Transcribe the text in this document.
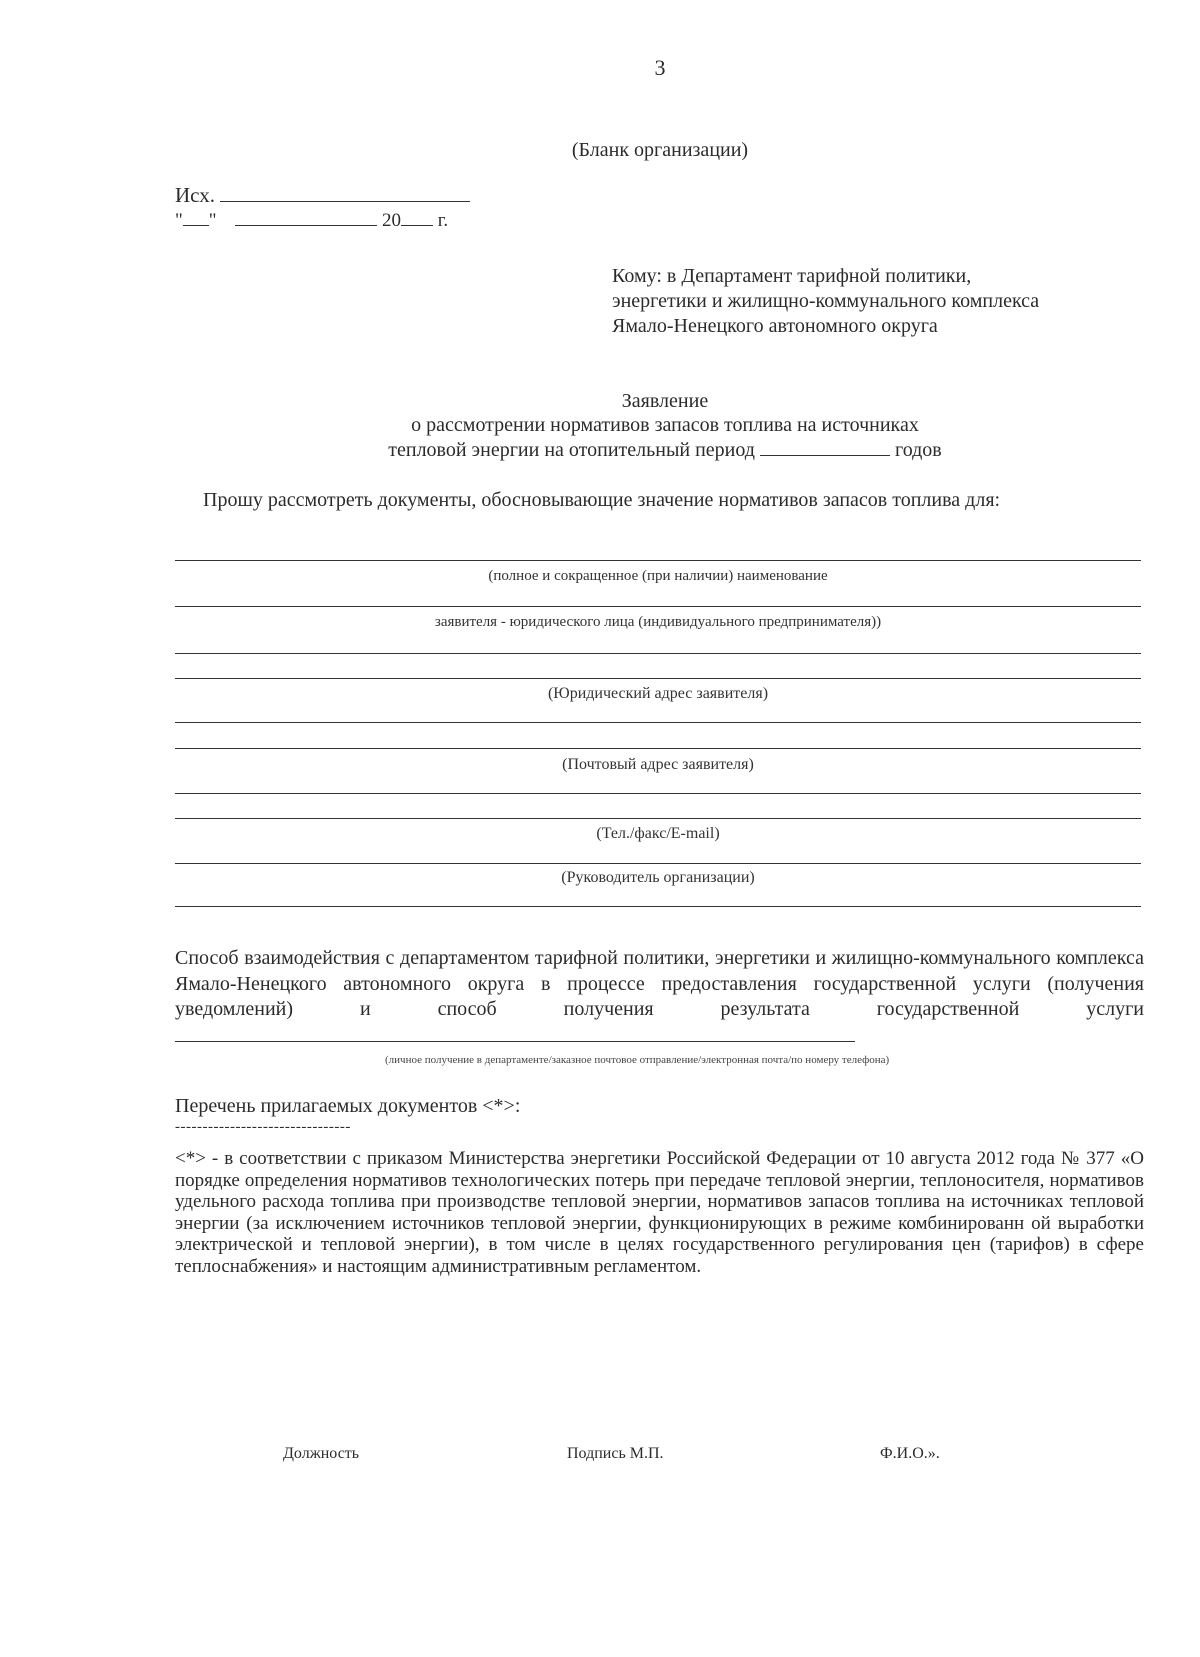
3
(Бланк организации)
Исх.
" "	20 г.
Кому: в Департамент тарифной политики,
энергетики и жилищно-коммунального комплекса
Ямало-Ненецкого автономного округа
Заявление
о рассмотрении нормативов запасов топлива на источниках
тепловой энергии на отопительный период	годов
Прошу рассмотреть документы, обосновывающие значение нормативов запасов топлива для:
(полное и сокращенное (при наличии) наименование
заявителя - юридического лица (индивидуального предпринимателя))
(Юридический адрес заявителя)
(Почтовый адрес заявителя)
(Тел./факс/E-mail)
(Руководитель организации)
Способ взаимодействия с департаментом тарифной политики, энергетики и жилищно-коммунального комплекса Ямало-Ненецкого автономного округа в процессе предоставления государственной услуги (получения уведомлений) и способ получения результата государственной услуги
(личное получение в департаменте/заказное почтовое отправление/электронная почта/по номеру телефона)
Перечень прилагаемых документов <*>:
--------------------------------
<*> - в соответствии с приказом Министерства энергетики Российской Федерации от 10 августа 2012 года № 377 «О порядке определения нормативов технологических потерь при передаче тепловой энергии, теплоносителя, нормативов удельного расхода топлива при производстве тепловой энергии, нормативов запасов топлива на источниках тепловой энергии (за исключением источников тепловой энергии, функционирующих в режиме комбинированн ой выработки электрической и тепловой энергии), в том числе в целях государственного регулирования цен (тарифов) в сфере теплоснабжения» и настоящим административным регламентом.
Должность	Подпись М.П.	Ф.И.О.».
